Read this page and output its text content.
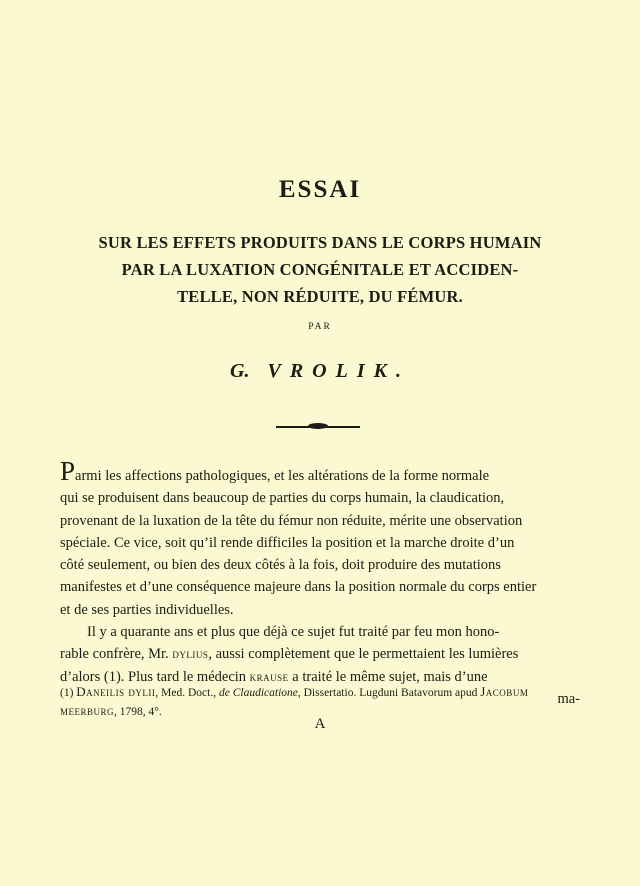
ESSAI
SUR LES EFFETS PRODUITS DANS LE CORPS HUMAIN
PAR LA LUXATION CONGÉNITALE ET ACCIDEN-
TELLE, NON RÉDUITE, DU FÉMUR.
PAR
G. VROLIK.
Parmi les affections pathologiques, et les altérations de la forme normale
qui se produisent dans beaucoup de parties du corps humain, la claudication,
provenant de la luxation de la tête du fémur non réduite, mérite une observation
spéciale. Ce vice, soit qu’il rende difficiles la position et la marche droite d’un
côté seulement, ou bien des deux côtés à la fois, doit produire des mutations
manifestes et d’une conséquence majeure dans la position normale du corps entier
et de ses parties individuelles.
Il y a quarante ans et plus que déjà ce sujet fut traité par feu mon hono-
rable confrère, Mr. dylius, aussi complètement que le permettaient les lumières
d’alors (1). Plus tard le médecin krause a traité le même sujet, mais d’une
ma-
(1) Daneilis dylii, Med. Doct., de Claudicatione, Dissertatio. Lugduni Batavorum apud Jacobum
meerburg, 1798, 4°.
A
